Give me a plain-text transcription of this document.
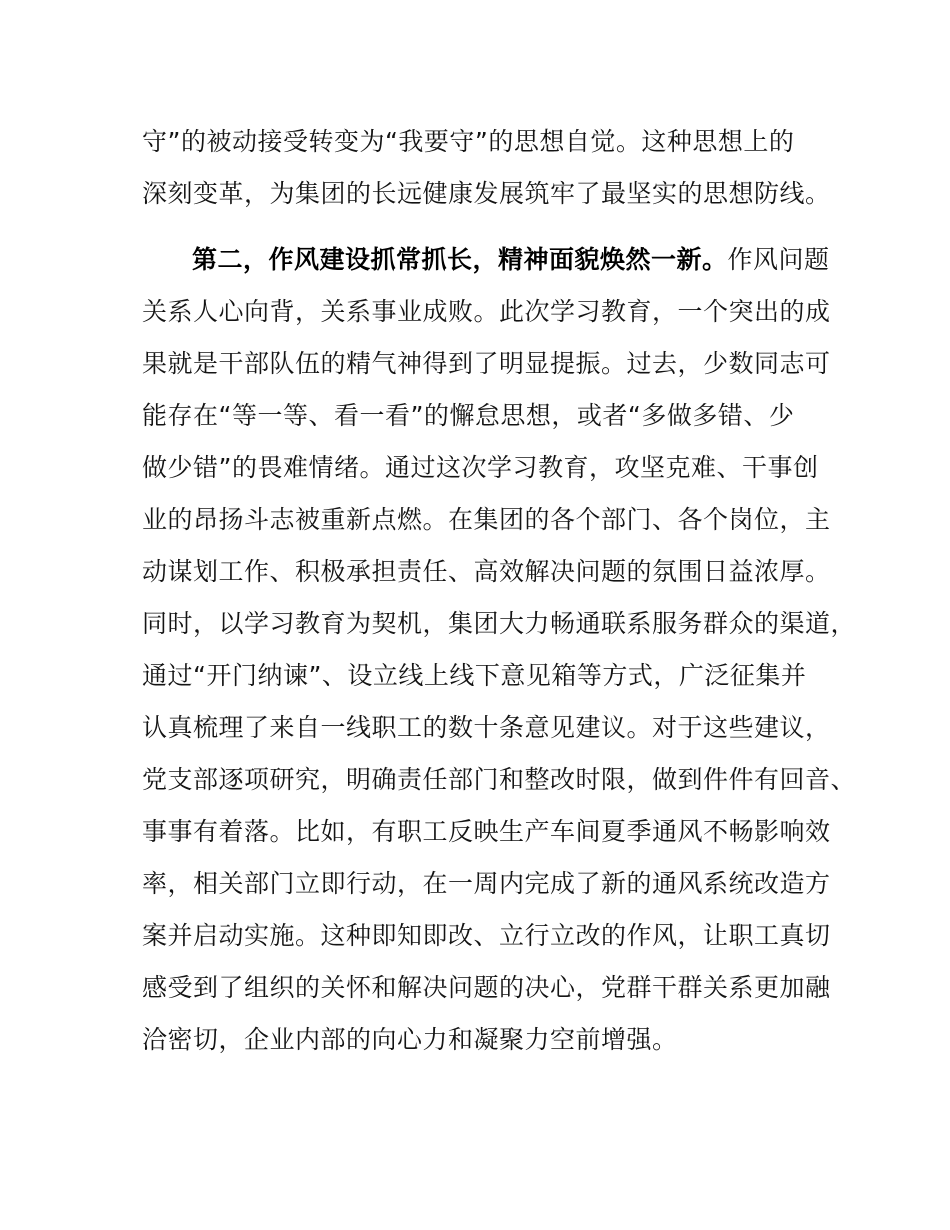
守”的被动接受转变为“我要守”的思想自觉。这种思想上的
深刻变革，为集团的长远健康发展筑牢了最坚实的思想防线。
第二，作风建设抓常抓长，精神面貌焕然一新。作风问题
关系人心向背，关系事业成败。此次学习教育，一个突出的成
果就是干部队伍的精气神得到了明显提振。过去，少数同志可
能存在“等一等、看一看”的懈怠思想，或者“多做多错、少
做少错”的畏难情绪。通过这次学习教育，攻坚克难、干事创
业的昂扬斗志被重新点燃。在集团的各个部门、各个岗位，主
动谋划工作、积极承担责任、高效解决问题的氛围日益浓厚。
同时，以学习教育为契机，集团大力畅通联系服务群众的渠道，
通过“开门纳谏”、设立线上线下意见箱等方式，广泛征集并
认真梳理了来自一线职工的数十条意见建议。对于这些建议，
党支部逐项研究，明确责任部门和整改时限，做到件件有回音、
事事有着落。比如，有职工反映生产车间夏季通风不畅影响效
率，相关部门立即行动，在一周内完成了新的通风系统改造方
案并启动实施。这种即知即改、立行立改的作风，让职工真切
感受到了组织的关怀和解决问题的决心，党群干群关系更加融
洽密切，企业内部的向心力和凝聚力空前增强。
